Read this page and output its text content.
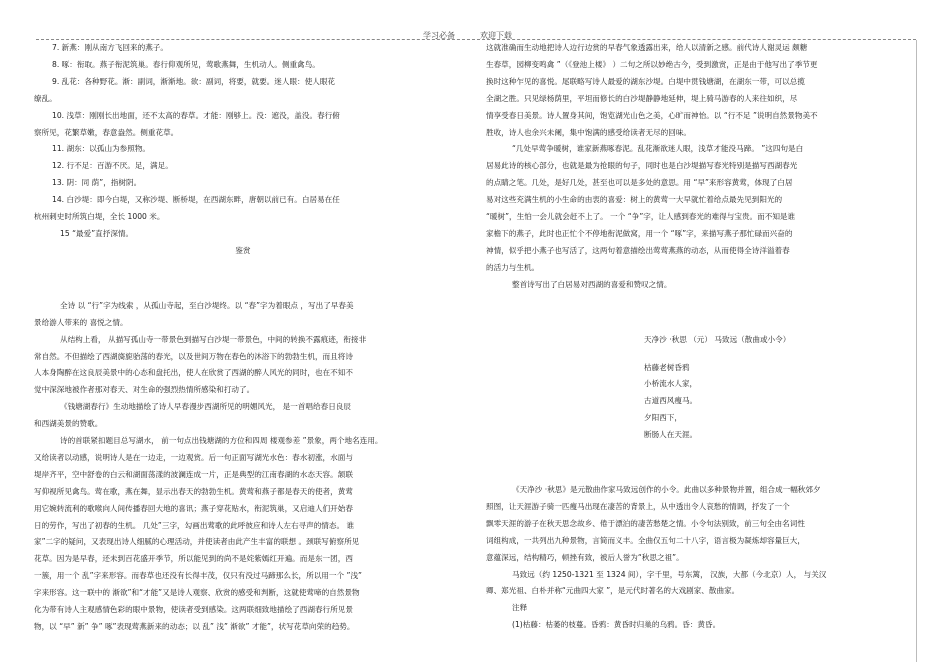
学习必备	欢迎下载

7. 新燕：刚从南方飞回来的燕子。

8. 啄：衔取。燕子衔泥筑巢。春行仰观所见，莺歌燕舞，生机动人。侧重禽鸟。

9. 乱花：各种野花。渐：副词，渐渐地。欲：副词，将要，就要。迷人眼：使人眼花

缭乱。

10. 浅草：刚刚长出地面，还不太高的春草。才能：刚够上。没：遮没，盖没。春行俯

察所见，花繁草嫩，春意盎然。侧重花草。

11. 湖东：以孤山为参照物。

12. 行不足：百游不厌。足，满足。

13. 阴：同 荫”，指树阴。

14. 白沙堤：即今白堤，又称沙堤、断桥堤，在西湖东畔，唐朝以前已有。白居易在任

杭州刺史时所筑白堤，全长 1000 米。

15 “最爱”直抒深情。

鉴赏

全诗 以 “行”字为线索 ，从孤山寺起，至白沙堤终。以 “春”字为着眼点 ，写出了早春美

景给游人带来的 喜悦之情。

从结构上看， 从描写孤山寺一带景色到描写白沙堤一带景色，中间的转换不露痕迹，衔接非

常自然。不但描绘了西湖旖旎骀荡的春光，以及世间万物在春色的沐浴下的勃勃生机，而且将诗

人本身陶醉在这良辰美景中的心态和盘托出，使人在欣赏了西湖的醉人风光的同时，也在不知不

觉中深深地被作者那对春天、对生命的强烈热情所感染和打动了。

《钱塘湖春行》生动地描绘了诗人早春漫步西湖所见的明媚风光， 是一首唱给春日良辰

和西湖美景的赞歌。

诗的首联紧扣题目总写湖水， 前一句点出钱塘湖的方位和四周 楼观参差 ”景象，两个地名连用。

又给读者以动感，说明诗人是在一边走，一边观赏。后一句正面写湖光水色：春水初涨，水面与

堤岸齐平，空中舒卷的白云和湖面荡漾的波澜连成一片，正是典型的江南春湖的水态天容。颔联

写仰视所见禽鸟。莺在歌，燕在舞，显示出春天的勃勃生机。黄莺和燕子都是春天的使者，黄莺

用它婉转流利的歌喉向人间传播春回大地的喜讯；燕子穿花贴水，衔泥筑巢，又启迪人们开始春

日的劳作，写出了初春的生机。 几处”三字，勾画出莺歌的此呼彼应和诗人左右寻声的情态。 谁

家”二字的疑问，又表现出诗人细腻的心理活动，并使读者由此产生丰富的联想 。颈联写俯察所见

花草。因为是早春，还未到百花盛开季节，所以能见到的尚不是姹紫嫣红开遍。而是东一团，西

一簇，用一个 乱”字来形容。而春草也还没有长得丰茂，仅只有没过马蹄那么长，所以用一个 ”浅”

字来形容。这一联中的 渐欲”和“才能”又是诗人观察、欣赏的感受和判断，这就使莺啼的自然景物

化为带有诗人主观感情色彩的眼中景物，使读者受到感染。这两联细致地描绘了西湖春行所见景

物，以 “早” 新” 争” 啄”表现莺燕新来的动态；以 乱” 浅” 渐欲” 才能”，状写花草向荣的趋势。

这就准确而生动地把诗人边行边赏的早春气象透露出来，给人以清新之感。前代诗人谢灵运 颇糖

生春草，园柳变鸣禽 ”（《登池上楼》 ）二句之所以妙绝古今，受到激赏，正是由于他写出了季节更

换时这种乍见的喜悦。尾联略写诗人最爱的湖东沙堤。白堤中贯钱塘湖，在湖东一带，可以总揽

全湖之胜。只见绿杨荫里，平坦而修长的白沙堤静静地延伸，堤上骑马游春的人来往如织，尽

情享受春日美景。诗人置身其间，饱览湖光山色之美，心旷而神怡。以 “行不足 ”说明自然景物美不

胜收，诗人也余兴未阑，集中饱满的感受给读者无尽的回味。

“几处早莺争暖树，谁家新燕啄春泥。乱花渐欲迷人眼，浅草才能没马蹄。 ”这四句是白

居易此诗的核心部分，也就是最为抢眼的句子，同时也是白沙堤描写春光特别是描写西湖春光

的点睛之笔。几处，是好几处，甚至也可以是多处的意思。用 “早”来形容黄莺，体现了白居

易对这些充满生机的小生命的由衷的喜爱：树上的黄莺一大早就忙着给点最先见到阳光的

“暖树”，生怕一会儿就会赶不上了。 一个 “争”字，让人感到春光的难得与宝贵。而不知是谁

家檐下的燕子，此时也正忙个不停地衔泥做窝，用一个 “啄”字，来描写燕子那忙碌而兴奋的

神情，似乎把小燕子也写活了，这两句着意描绘出莺莺燕燕的动态，从而使得全诗洋溢着春

的活力与生机。

整首诗写出了白居易对西湖的喜爱和赞叹之情。

天净沙 ·秋思 （元） 马致远（散曲或小令）

枯藤老树昏鸦

小桥流水人家，

古道西风瘦马。

夕阳西下，

断肠人在天涯。

《天净沙 ·秋思》是元散曲作家马致远创作的小令。此曲以多种景物并置，组合成一幅秋郊夕

照图，让天涯游子骑一匹瘦马出现在凄苦的背景上，从中透出令人哀愁的情调，抒发了一个

飘零天涯的游子在秋天思念故乡、倦于漂泊的凄苦愁楚之情。小令句法别致，前三句全由名词性

词组构成，一共列出九种景物，言简而义丰。全曲仅五句二十八字，语言极为凝炼却容量巨大，

意蕴深远，结构精巧，顿挫有致，被后人誉为“秋思之祖”。

马致远（约 1250-1321 至 1324 间），字千里，号东篱， 汉族，大都（今北京）人， 与关汉

卿、郑光祖、白朴并称“元曲四大家 ”，是元代时著名的大戏剧家、散曲家。

注释

(1)枯藤：枯萎的枝蔓。昏鸦：黄昏时归巢的乌鸦。昏：黄昏。
